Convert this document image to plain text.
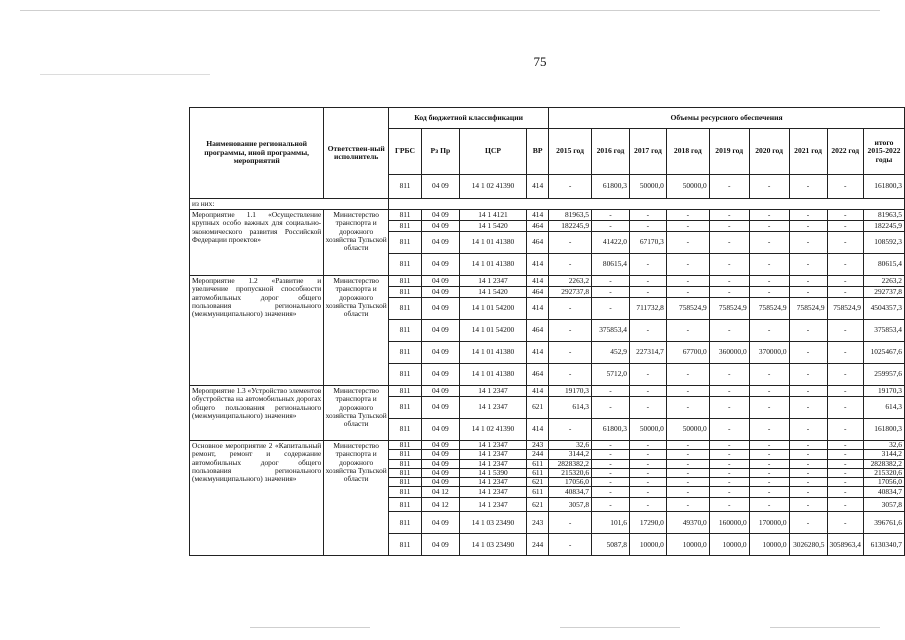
75
Наименование региональной программы, иной программы, мероприятий	Ответствен-ный исполнитель	Код бюджетной классификации				Объемы ресурсного обеспечения								
		ГРБС	Рз Пр	ЦСР	ВР	2015 год	2016 год	2017 год	2018 год	2019 год	2020 год	2021 год	2022 год	итого 2015-2022 годы
		811	04 09	14 1 02 41390	414	-	61800,3	50000,0	50000,0	-	-	-	-	161800,3
из них:														
Мероприятие 1.1 «Осуществление крупных особо важных для социально-экономического развития Российской Федерации проектов»	Министерство транспорта и дорожного хозяйства Тульской области	811	04 09	14 1 4121	414	81963,5	-	-	-	-	-	-	-	81963,5
		811	04 09	14 1 5420	464	182245,9	-	-	-	-	-	-	-	182245,9
		811	04 09	14 1 01 41380	464	-	41422,0	67170,3	-	-	-	-	-	108592,3
		811	04 09	14 1 01 41380	414	-	80615,4	-	-	-	-	-	-	80615,4
Мероприятие 1.2 «Развитие и увеличение пропускной способности автомобильных дорог общего пользования регионального (межмуниципального) значения»	Министерство транспорта и дорожного хозяйства Тульской области	811	04 09	14 1 2347	414	2263,2	-	-	-	-	-	-	-	2263,2
		811	04 09	14 1 5420	464	292737,8	-	-	-	-	-	-	-	292737,8
		811	04 09	14 1 01 54200	414	-	-	711732,8	758524,9	758524,9	758524,9	758524,9	758524,9	4504357,3
		811	04 09	14 1 01 54200	464	-	375853,4	-	-	-	-	-	-	375853,4
		811	04 09	14 1 01 41380	414	-	452,9	227314,7	67700,0	360000,0	370000,0	-	-	1025467,6
		811	04 09	14 1 01 41380	464	-	5712,0	-	-	-	-	-	-	259957,6
Мероприятие 1.3 «Устройство элементов обустройства на автомобильных дорогах общего пользования регионального (межмуниципального) значения»	Министерство транспорта и дорожного хозяйства Тульской области	811	04 09	14 1 2347	414	19170,3	-	-	-	-	-	-	-	19170,3
		811	04 09	14 1 2347	621	614,3	-	-	-	-	-	-	-	614,3
		811	04 09	14 1 02 41390	414	-	61800,3	50000,0	50000,0	-	-	-	-	161800,3
Основное мероприятие 2 «Капитальный ремонт, ремонт и содержание автомобильных дорог общего пользования регионального (межмуниципального) значения»	Министерство транспорта и дорожного хозяйства Тульской области	811	04 09	14 1 2347	243	32,6	-	-	-	-	-	-	-	32,6
		811	04 09	14 1 2347	244	3144,2	-	-	-	-	-	-	-	3144,2
		811	04 09	14 1 2347	611	2828382,2	-	-	-	-	-	-	-	2828382,2
		811	04 09	14 1 5390	611	215320,6	-	-	-	-	-	-	-	215320,6
		811	04 09	14 1 2347	621	17056,0	-	-	-	-	-	-	-	17056,0
		811	04 12	14 1 2347	611	40834,7	-	-	-	-	-	-	-	40834,7
		811	04 12	14 1 2347	621	3057,8	-	-	-	-	-	-	-	3057,8
		811	04 09	14 1 03 23490	243	-	101,6	17290,0	49370,0	160000,0	170000,0	-	-	396761,6
		811	04 09	14 1 03 23490	244	-	5087,8	10000,0	10000,0	10000,0	10000,0	3026280,5	3058963,4	6130340,7
